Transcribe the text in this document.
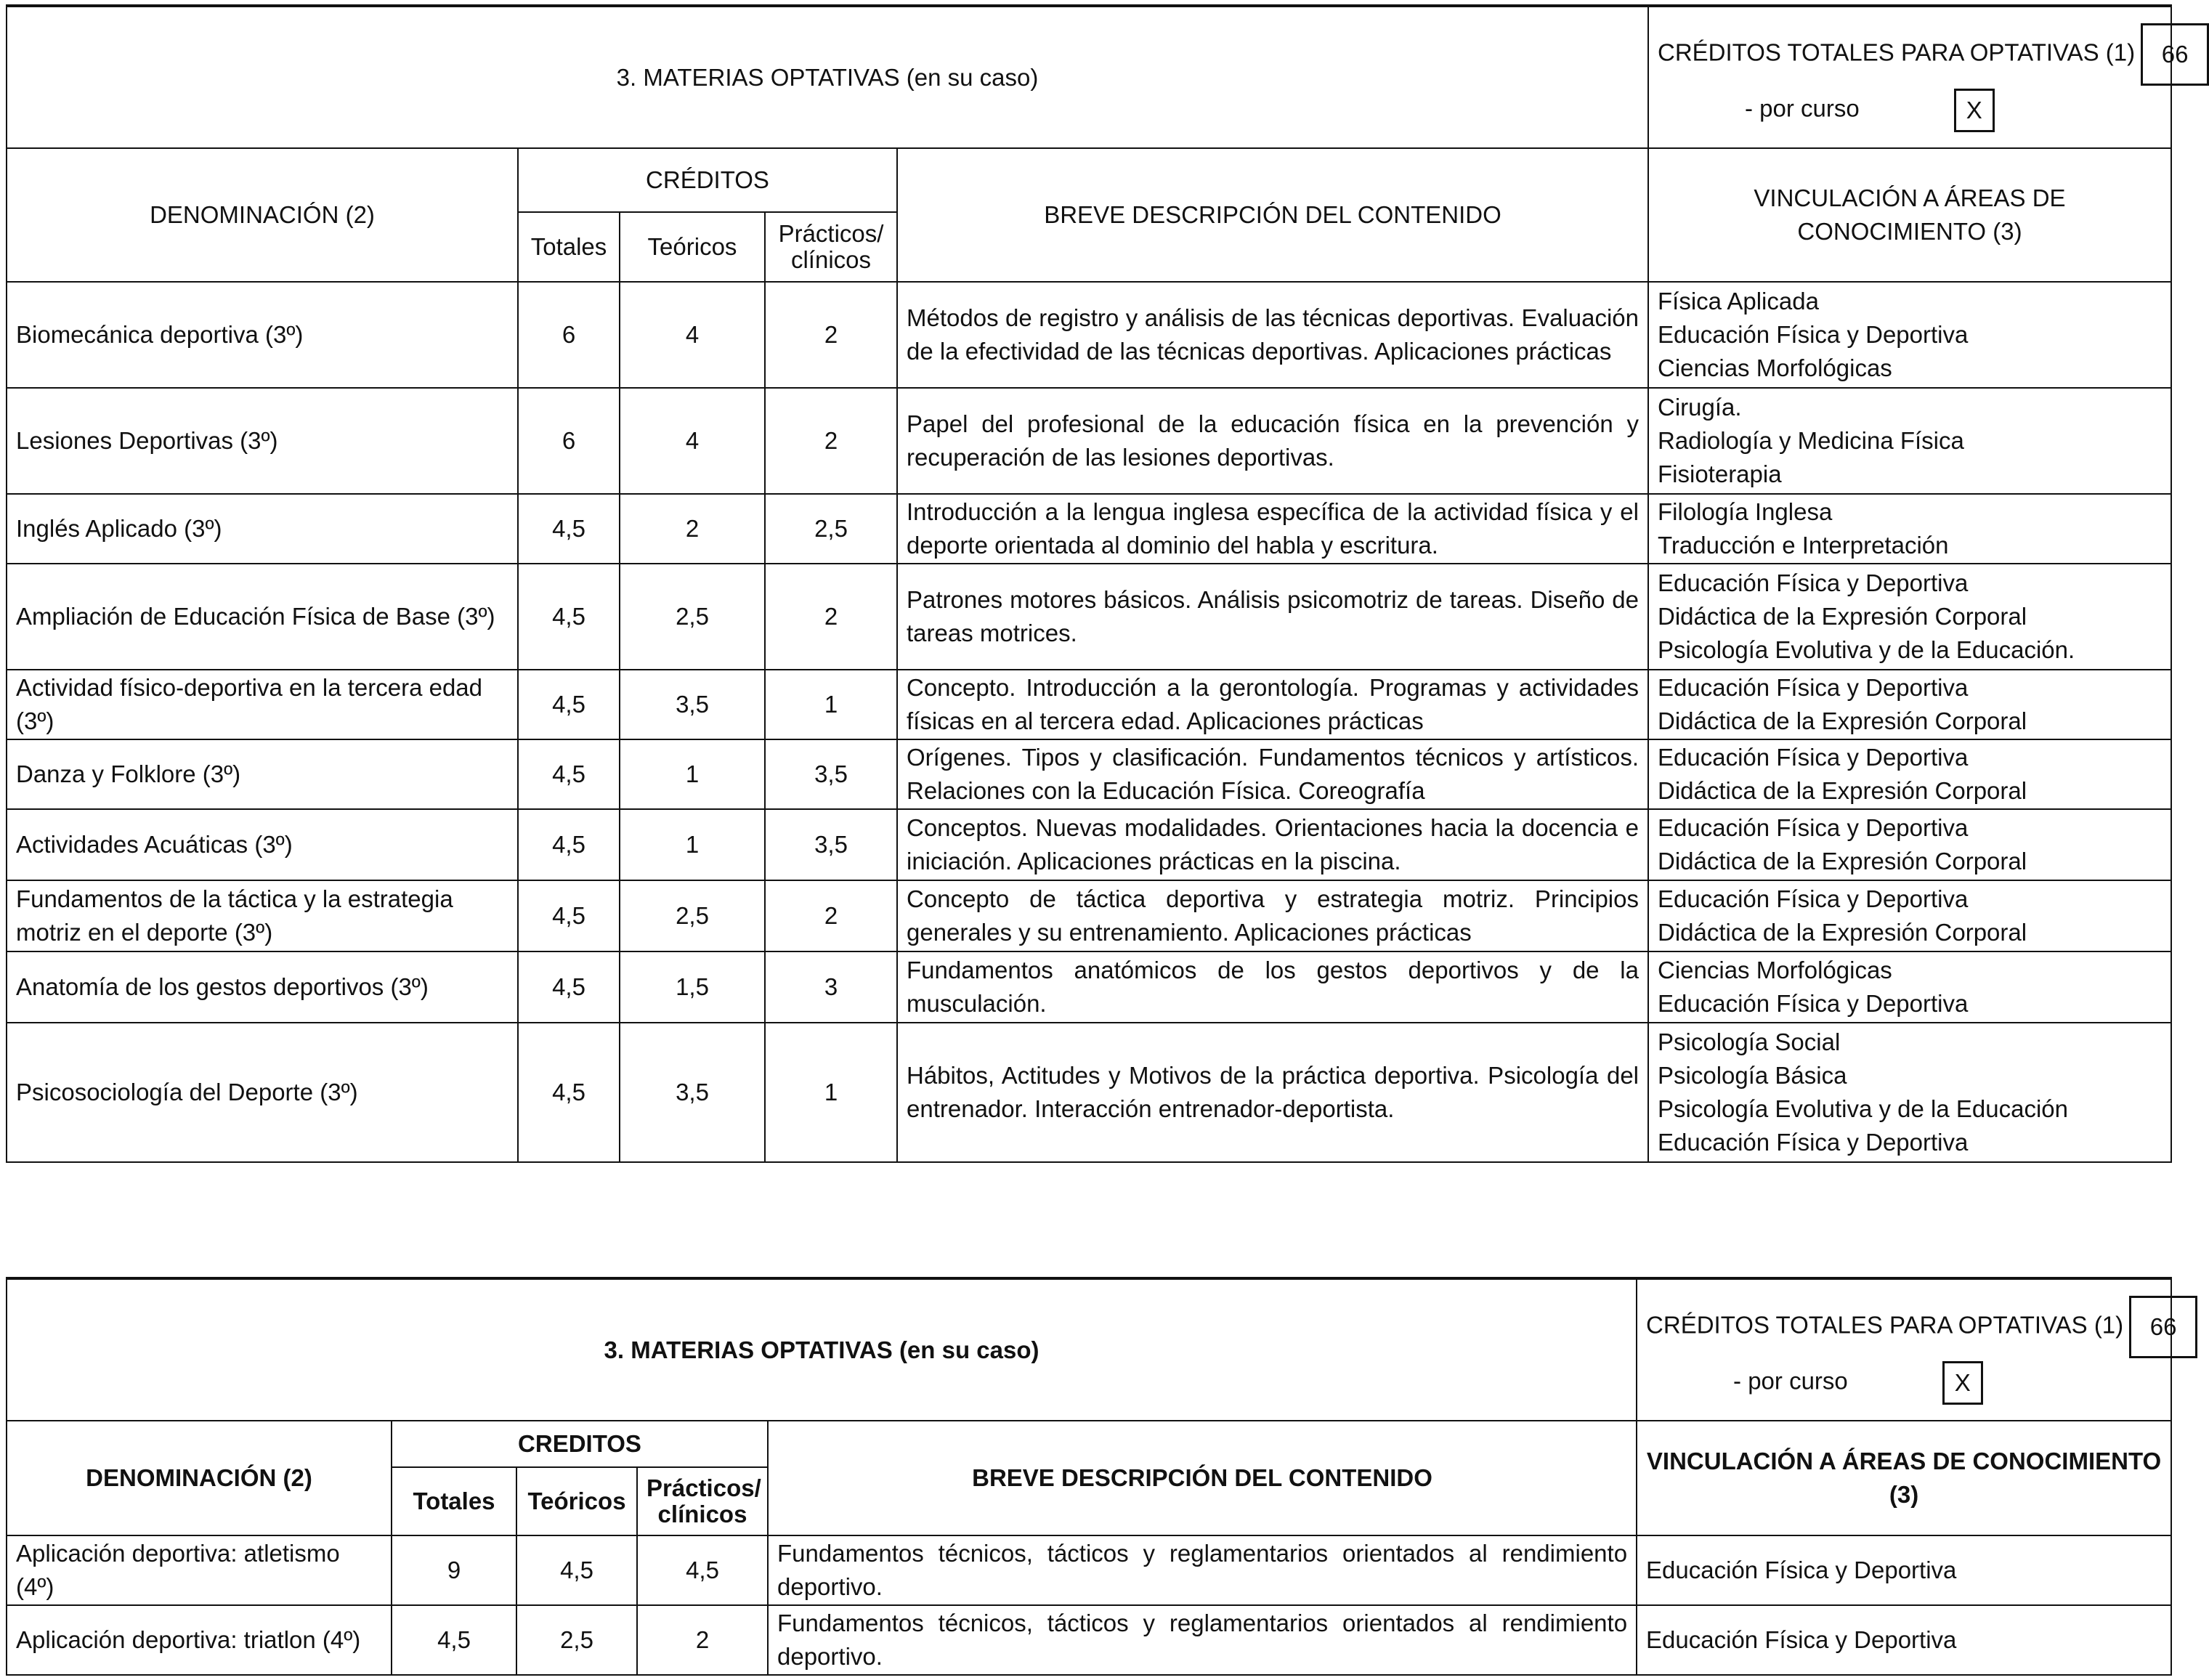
3. MATERIAS OPTATIVAS (en su caso)					CRÉDITOS TOTALES PARA OPTATIVAS (1) 66
- por curso X

DENOMINACIÓN (2)	CRÉDITOS			BREVE DESCRIPCIÓN DEL CONTENIDO	VINCULACIÓN A ÁREAS DE CONOCIMIENTO (3)
	Totales	Teóricos	Prácticos/ clínicos		
Biomecánica deportiva (3º)	6	4	2	Métodos de registro y análisis de las técnicas deportivas. Evaluación de la efectividad de las técnicas deportivas. Aplicaciones prácticas	Física Aplicada
Educación Física y Deportiva
Ciencias Morfológicas

Lesiones Deportivas (3º)	6	4	2	Papel del profesional de la educación física en la prevención y recuperación de las lesiones deportivas.	Cirugía.
Radiología y Medicina Física
Fisioterapia

Inglés Aplicado (3º)	4,5	2	2,5	Introducción a la lengua inglesa específica de la actividad física y el deporte orientada al dominio del habla y escritura.	Filología Inglesa
Traducción e Interpretación

Ampliación de Educación Física de Base (3º)	4,5	2,5	2	Patrones motores básicos. Análisis psicomotriz de tareas. Diseño de tareas motrices.	Educación Física y Deportiva
Didáctica de la Expresión Corporal
Psicología Evolutiva y de la Educación.

Actividad físico-deportiva en la tercera edad (3º)	4,5	3,5	1	Concepto. Introducción a la gerontología. Programas y actividades físicas en al tercera edad. Aplicaciones prácticas	Educación Física y Deportiva
Didáctica de la Expresión Corporal

Danza y Folklore (3º)	4,5	1	3,5	Orígenes. Tipos y clasificación. Fundamentos técnicos y artísticos. Relaciones con la Educación Física. Coreografía	Educación Física y Deportiva
Didáctica de la Expresión Corporal

Actividades Acuáticas (3º)	4,5	1	3,5	Conceptos. Nuevas modalidades. Orientaciones hacia la docencia e iniciación. Aplicaciones prácticas en la piscina.	Educación Física y Deportiva
Didáctica de la Expresión Corporal

Fundamentos de la táctica y la estrategia motriz en el deporte (3º)	4,5	2,5	2	Concepto de táctica deportiva y estrategia motriz. Principios generales y su entrenamiento. Aplicaciones prácticas	Educación Física y Deportiva
Didáctica de la Expresión Corporal

Anatomía de los gestos deportivos (3º)	4,5	1,5	3	Fundamentos anatómicos de los gestos deportivos y de la musculación.	Ciencias Morfológicas
Educación Física y Deportiva

Psicosociología del Deporte (3º)	4,5	3,5	1	Hábitos, Actitudes y Motivos de la práctica deportiva. Psicología del entrenador. Interacción entrenador-deportista.	Psicología Social
Psicología Básica
Psicología Evolutiva y de la Educación
Educación Física y Deportiva
3. MATERIAS OPTATIVAS (en su caso)					CRÉDITOS TOTALES PARA OPTATIVAS (1) 66
- por curso X

DENOMINACIÓN (2)	CREDITOS			BREVE DESCRIPCIÓN DEL CONTENIDO	VINCULACIÓN A ÁREAS DE CONOCIMIENTO (3)
	Totales	Teóricos	Prácticos/ clínicos		
Aplicación deportiva: atletismo (4º)	9	4,5	4,5	Fundamentos técnicos, tácticos y reglamentarios orientados al rendimiento deportivo.	Educación Física y Deportiva

Aplicación deportiva: triatlon (4º)	4,5	2,5	2	Fundamentos técnicos, tácticos y reglamentarios orientados al rendimiento deportivo.	Educación Física y Deportiva
